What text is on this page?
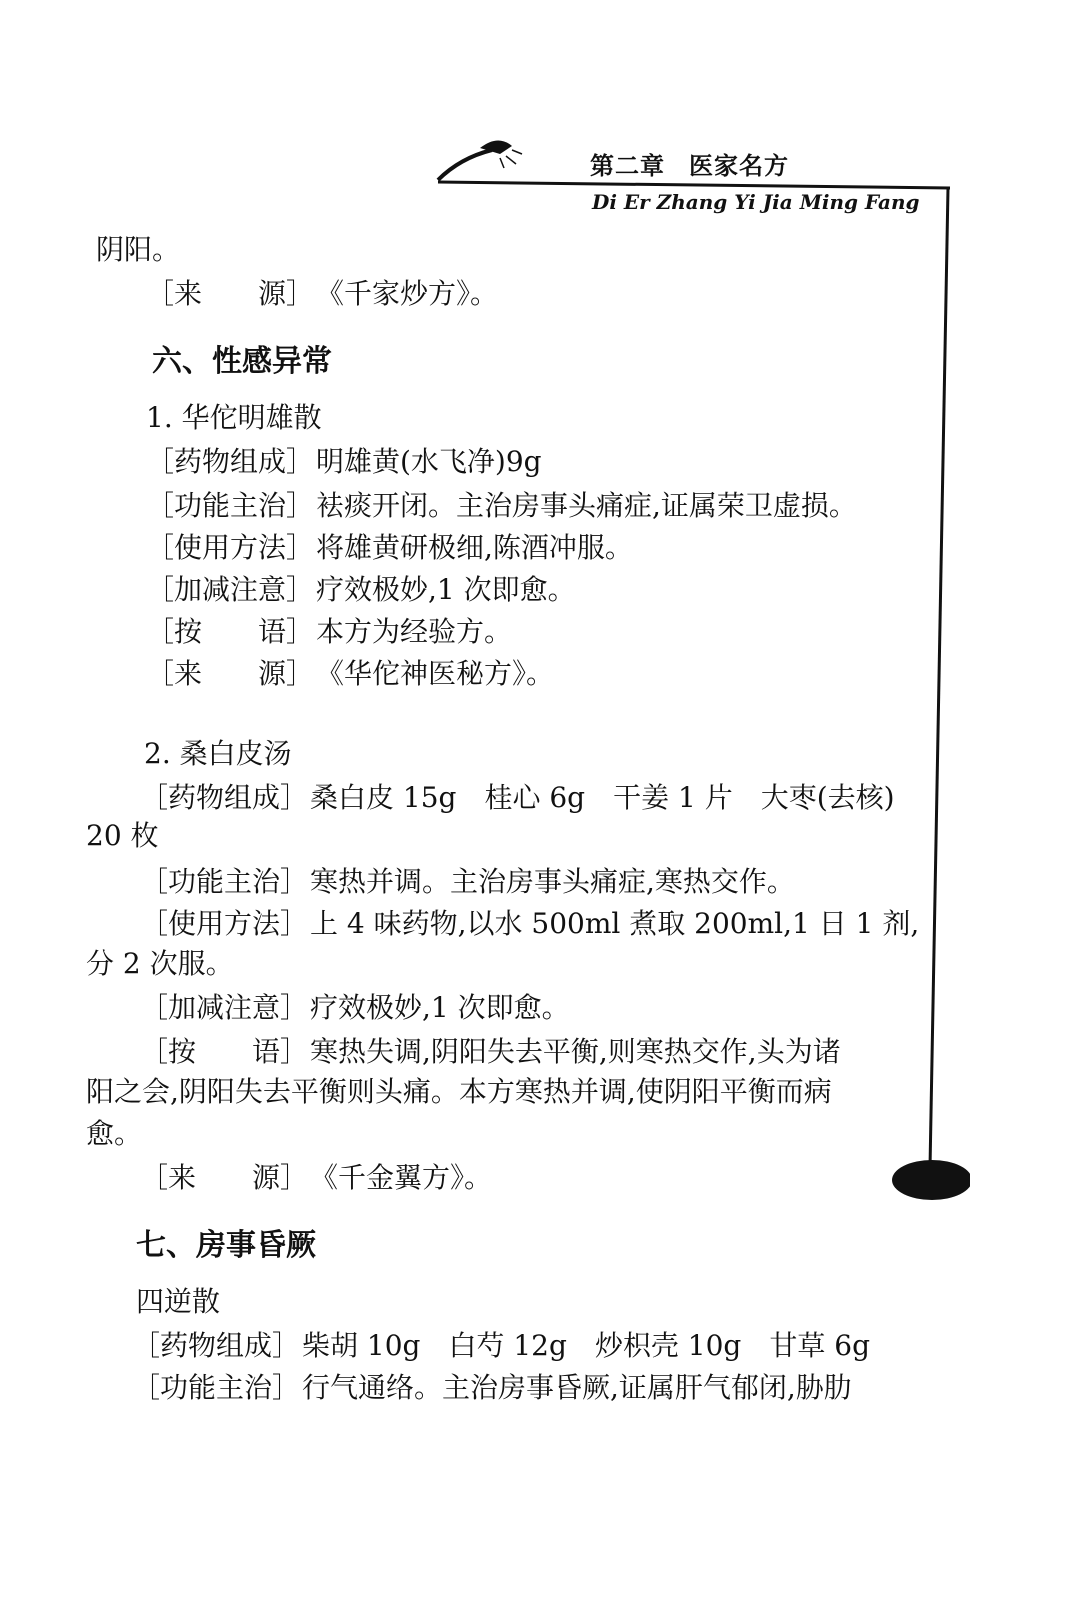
第二章 医家名方
Di Er Zhang Yi Jia Ming Fang
阴阳。
［来　　源］《千家炒方》。
六、性感异常
1. 华佗明雄散
［药物组成］明雄黄(水飞净)9g
［功能主治］袪痰开闭。主治房事头痛症,证属荣卫虚损。
［使用方法］将雄黄研极细,陈酒冲服。
［加减注意］疗效极妙,1 次即愈。
［按　　语］本方为经验方。
［来　　源］《华佗神医秘方》。
2. 桑白皮汤
［药物组成］桑白皮 15g　桂心 6g　干姜 1 片　大枣(去核)
20 枚
［功能主治］寒热并调。主治房事头痛症,寒热交作。
［使用方法］上 4 味药物,以水 500ml 煮取 200ml,1 日 1 剂,
分 2 次服。
［加减注意］疗效极妙,1 次即愈。
［按　　语］寒热失调,阴阳失去平衡,则寒热交作,头为诸
阳之会,阴阳失去平衡则头痛。本方寒热并调,使阴阳平衡而病
愈。
［来　　源］《千金翼方》。
七、房事昏厥
四逆散
［药物组成］柴胡 10g　白芍 12g　炒枳壳 10g　甘草 6g
［功能主治］行气通络。主治房事昏厥,证属肝气郁闭,胁肋
